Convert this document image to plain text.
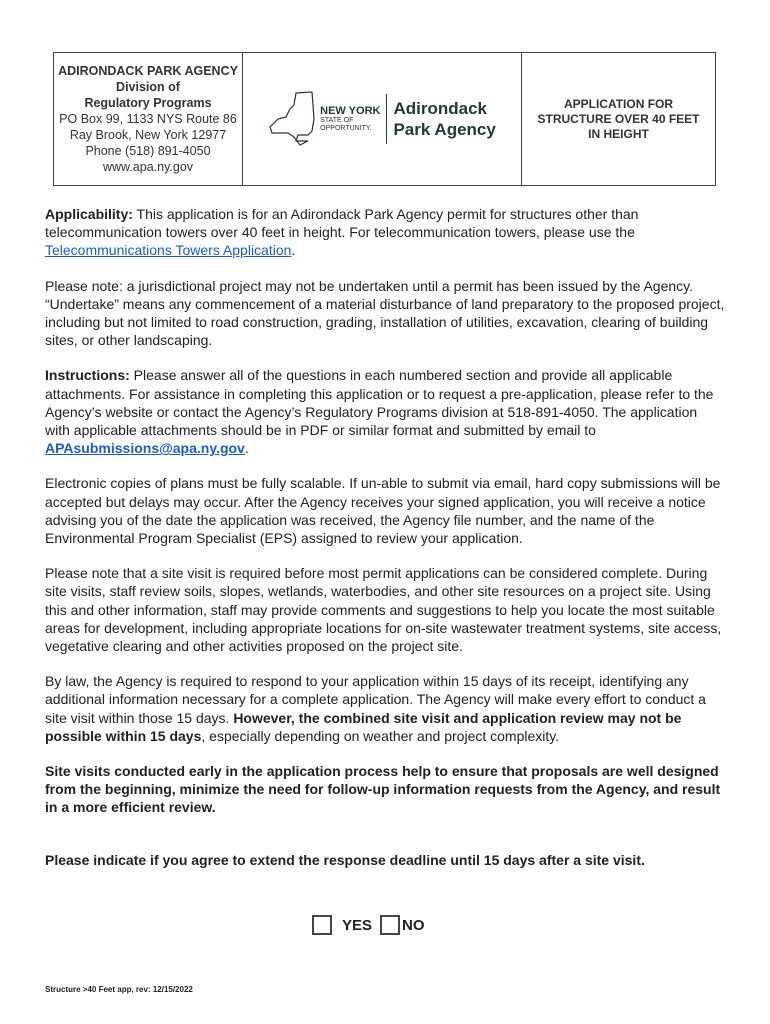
ADIRONDACK PARK AGENCY
Division of
Regulatory Programs
PO Box 99, 1133 NYS Route 86
Ray Brook, New York 12977
Phone (518) 891-4050
www.apa.ny.gov
NEW YORK
STATE OF
OPPORTUNITY.
Adirondack
Park Agency
APPLICATION FOR STRUCTURE OVER 40 FEET IN HEIGHT

Applicability: This application is for an Adirondack Park Agency permit for structures other than telecommunication towers over 40 feet in height. For telecommunication towers, please use the Telecommunications Towers Application.

Please note: a jurisdictional project may not be undertaken until a permit has been issued by the Agency. “Undertake” means any commencement of a material disturbance of land preparatory to the proposed project, including but not limited to road construction, grading, installation of utilities, excavation, clearing of building sites, or other landscaping.

Instructions: Please answer all of the questions in each numbered section and provide all applicable attachments. For assistance in completing this application or to request a pre-application, please refer to the Agency’s website or contact the Agency’s Regulatory Programs division at 518-891-4050. The application with applicable attachments should be in PDF or similar format and submitted by email to APAsubmissions@apa.ny.gov.

Electronic copies of plans must be fully scalable. If un-able to submit via email, hard copy submissions will be accepted but delays may occur. After the Agency receives your signed application, you will receive a notice advising you of the date the application was received, the Agency file number, and the name of the Environmental Program Specialist (EPS) assigned to review your application.

Please note that a site visit is required before most permit applications can be considered complete. During site visits, staff review soils, slopes, wetlands, waterbodies, and other site resources on a project site. Using this and other information, staff may provide comments and suggestions to help you locate the most suitable areas for development, including appropriate locations for on-site wastewater treatment systems, site access, vegetative clearing and other activities proposed on the project site.

By law, the Agency is required to respond to your application within 15 days of its receipt, identifying any additional information necessary for a complete application. The Agency will make every effort to conduct a site visit within those 15 days. However, the combined site visit and application review may not be possible within 15 days, especially depending on weather and project complexity.

Site visits conducted early in the application process help to ensure that proposals are well designed from the beginning, minimize the need for follow-up information requests from the Agency, and result in a more efficient review.

Please indicate if you agree to extend the response deadline until 15 days after a site visit.

YES NO
Structure >40 Feet app, rev: 12/15/2022
